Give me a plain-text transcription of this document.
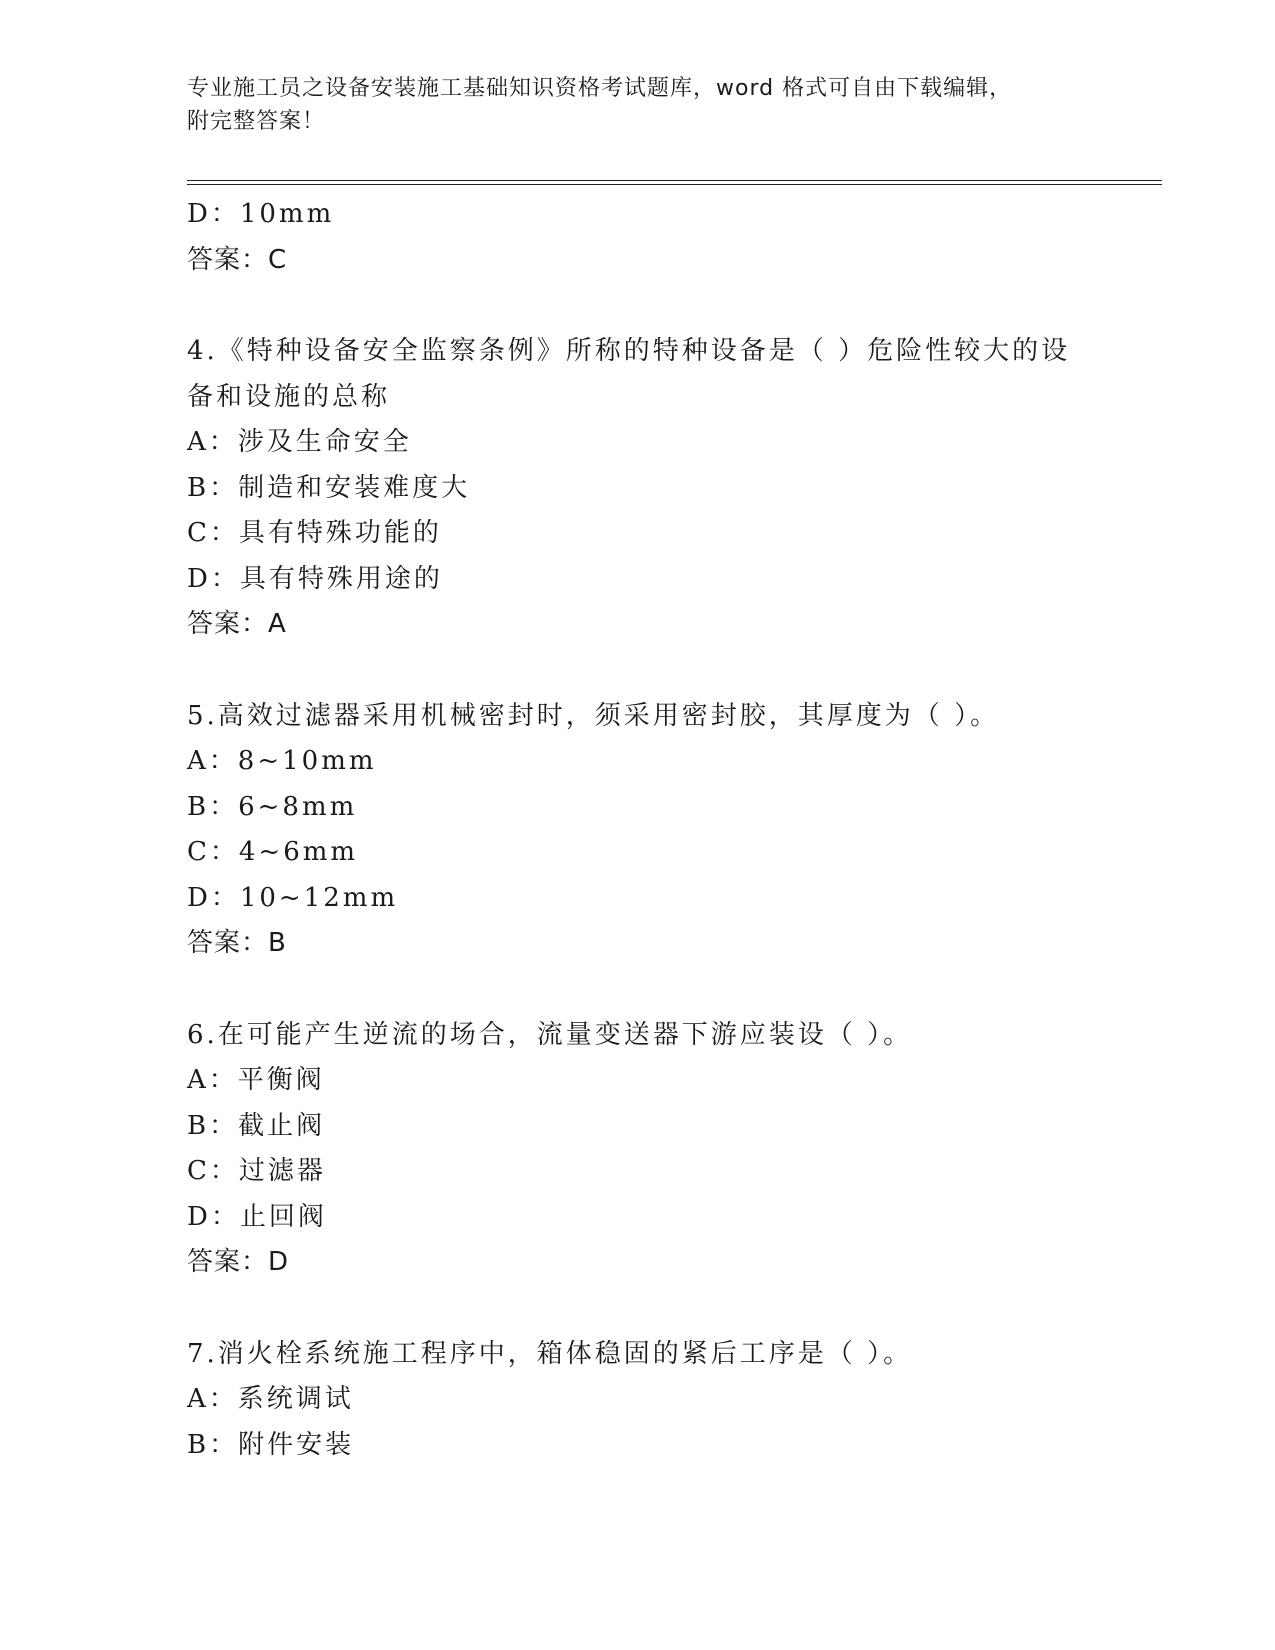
专业施工员之设备安装施工基础知识资格考试题库，word 格式可自由下载编辑，
附完整答案！
D：10mm
答案：C
4.《特种设备安全监察条例》所称的特种设备是（ ）危险性较大的设
备和设施的总称
A：涉及生命安全
B：制造和安装难度大
C：具有特殊功能的
D：具有特殊用途的
答案：A
5.高效过滤器采用机械密封时，须采用密封胶，其厚度为（ ）。
A：8~10mm
B：6~8mm
C：4~6mm
D：10~12mm
答案：B
6.在可能产生逆流的场合，流量变送器下游应装设（ ）。
A：平衡阀
B：截止阀
C：过滤器
D：止回阀
答案：D
7.消火栓系统施工程序中，箱体稳固的紧后工序是（ ）。
A：系统调试
B：附件安装
